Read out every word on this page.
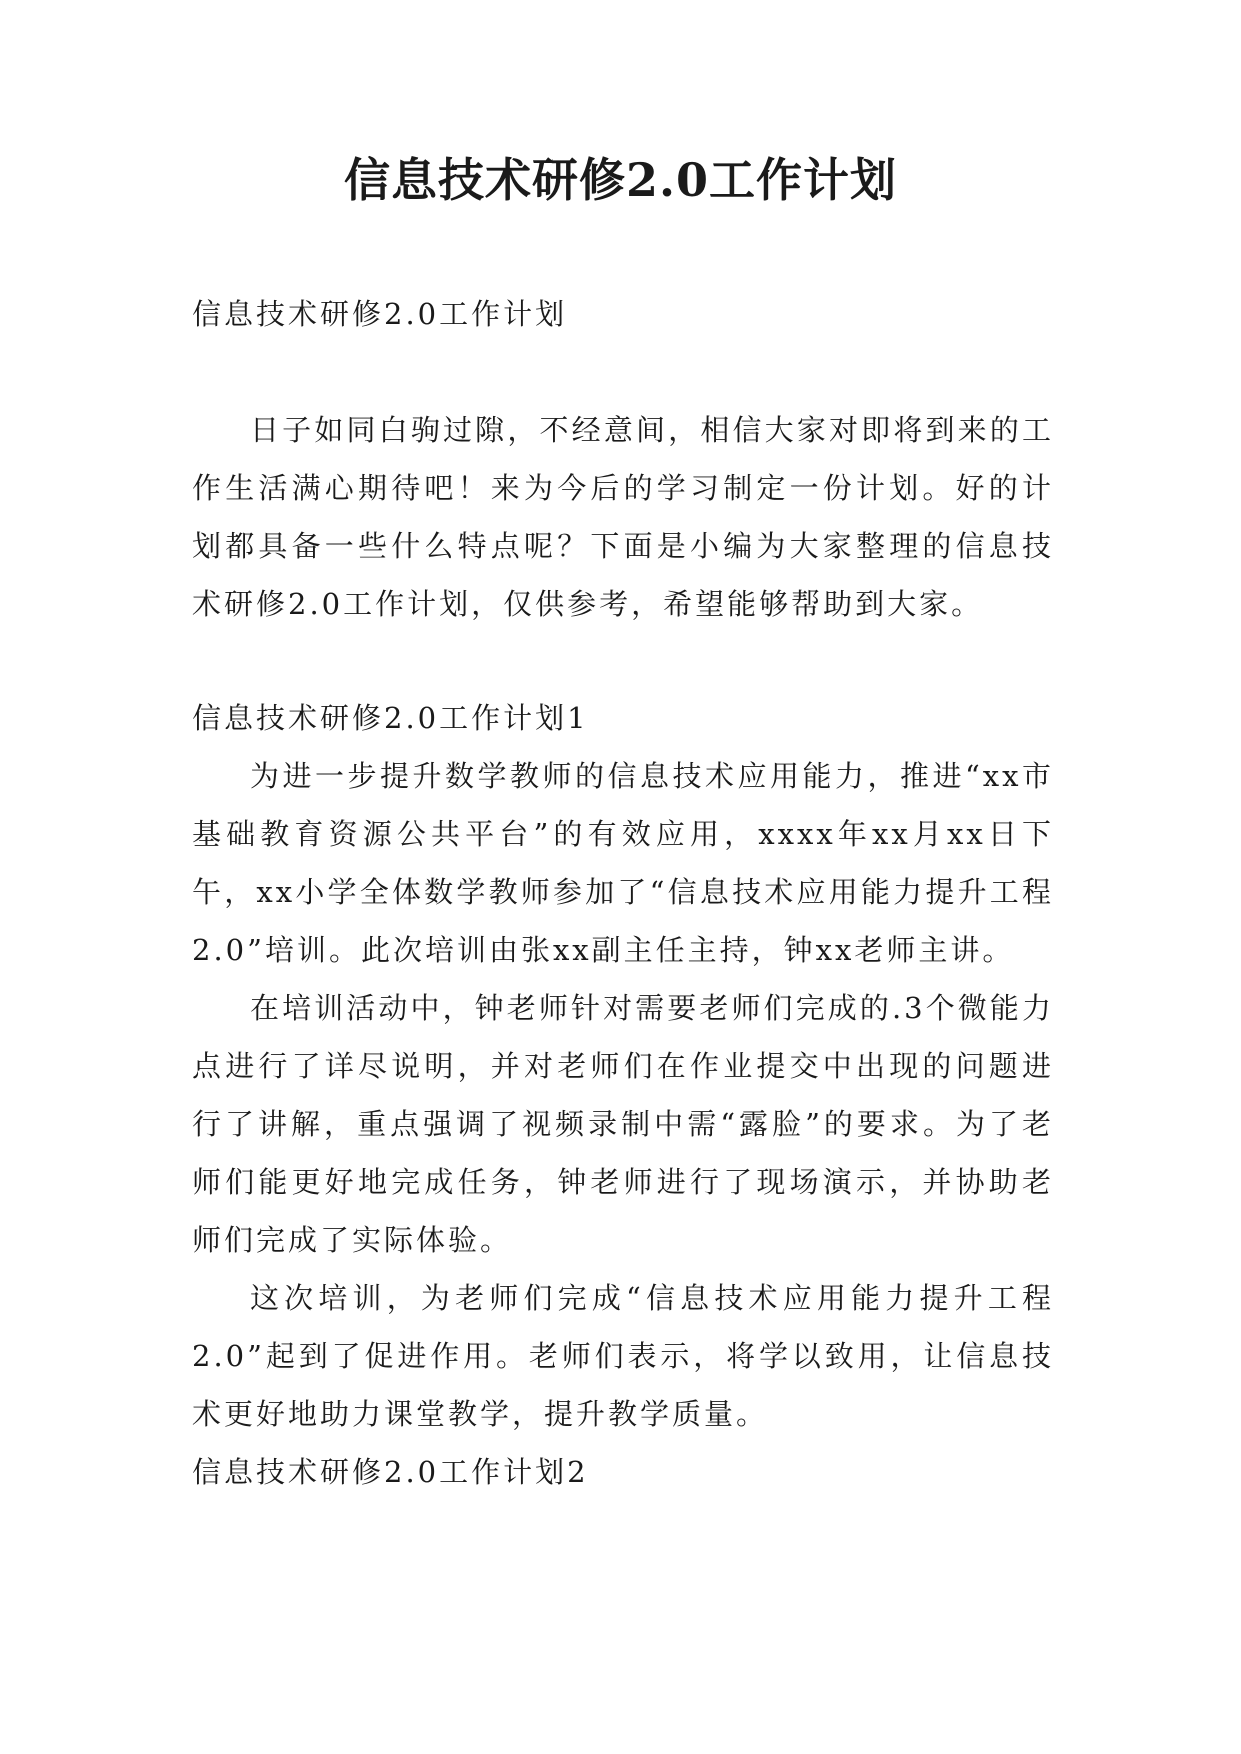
信息技术研修2.0工作计划

信息技术研修2.0工作计划

日子如同白驹过隙，不经意间，相信大家对即将到来的工作生活满心期待吧！来为今后的学习制定一份计划。好的计划都具备一些什么特点呢？下面是小编为大家整理的信息技术研修2.0工作计划，仅供参考，希望能够帮助到大家。

信息技术研修2.0工作计划1

为进一步提升数学教师的信息技术应用能力，推进“xx市基础教育资源公共平台”的有效应用，xxxx年xx月xx日下午，xx小学全体数学教师参加了“信息技术应用能力提升工程2.0”培训。此次培训由张xx副主任主持，钟xx老师主讲。

在培训活动中，钟老师针对需要老师们完成的.3个微能力点进行了详尽说明，并对老师们在作业提交中出现的问题进行了讲解，重点强调了视频录制中需“露脸”的要求。为了老师们能更好地完成任务，钟老师进行了现场演示，并协助老师们完成了实际体验。

这次培训，为老师们完成“信息技术应用能力提升工程2.0”起到了促进作用。老师们表示，将学以致用，让信息技术更好地助力课堂教学，提升教学质量。

信息技术研修2.0工作计划2
